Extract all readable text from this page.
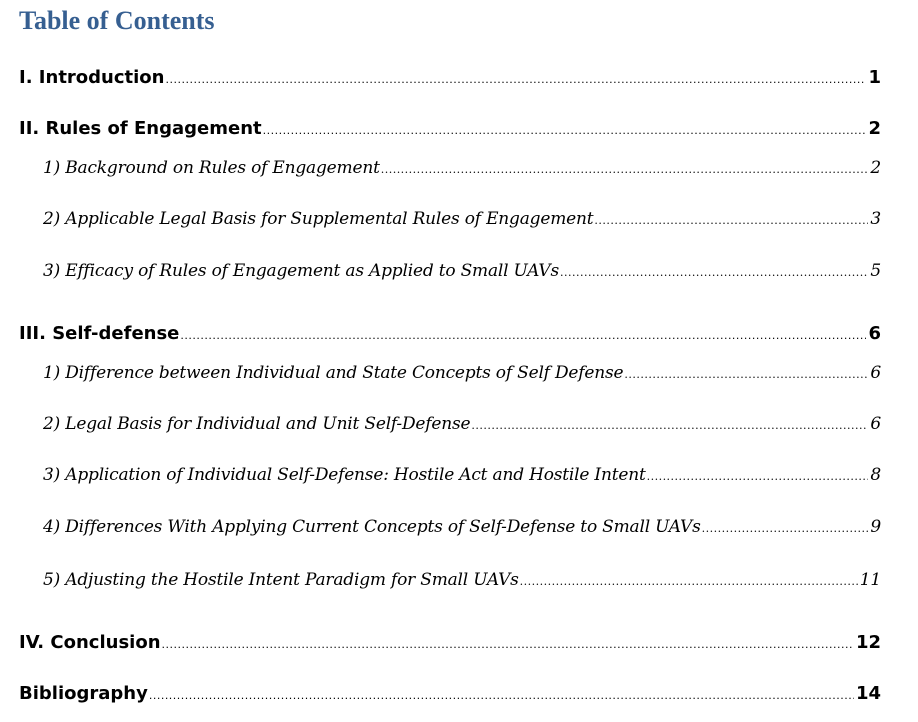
Table of Contents
I. Introduction .....	1
II. Rules of Engagement .....	2
1) Background on Rules of Engagement .....	2
2) Applicable Legal Basis for Supplemental Rules of Engagement .....	3
3) Efficacy of Rules of Engagement as Applied to Small UAVs .....	5
III. Self-defense .....	6
1) Difference between Individual and State Concepts of Self Defense .....	6
2) Legal Basis for Individual and Unit Self-Defense .....	6
3) Application of Individual Self-Defense: Hostile Act and Hostile Intent .....	8
4) Differences With Applying Current Concepts of Self-Defense to Small UAVs .....	9
5) Adjusting the Hostile Intent Paradigm for Small UAVs .....	11
IV. Conclusion .....	12
Bibliography .....	14
